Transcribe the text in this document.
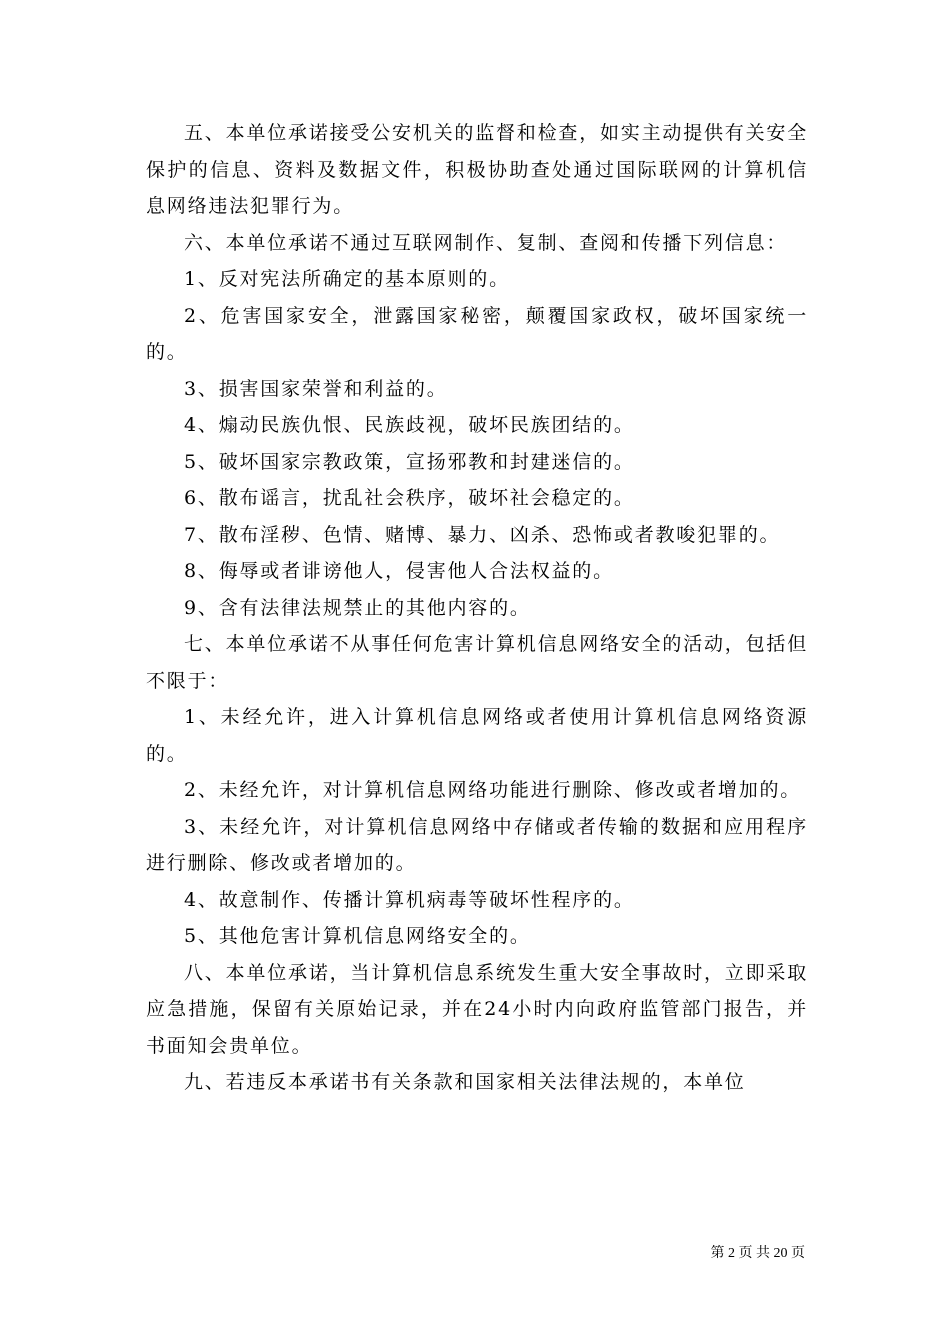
五、本单位承诺接受公安机关的监督和检查，如实主动提供有关安全保护的信息、资料及数据文件，积极协助查处通过国际联网的计算机信息网络违法犯罪行为。

六、本单位承诺不通过互联网制作、复制、查阅和传播下列信息：

1、反对宪法所确定的基本原则的。

2、危害国家安全，泄露国家秘密，颠覆国家政权，破坏国家统一的。

3、损害国家荣誉和利益的。

4、煽动民族仇恨、民族歧视，破坏民族团结的。

5、破坏国家宗教政策，宣扬邪教和封建迷信的。

6、散布谣言，扰乱社会秩序，破坏社会稳定的。

7、散布淫秽、色情、赌博、暴力、凶杀、恐怖或者教唆犯罪的。

8、侮辱或者诽谤他人，侵害他人合法权益的。

9、含有法律法规禁止的其他内容的。

七、本单位承诺不从事任何危害计算机信息网络安全的活动，包括但不限于：

1、未经允许，进入计算机信息网络或者使用计算机信息网络资源的。

2、未经允许，对计算机信息网络功能进行删除、修改或者增加的。

3、未经允许，对计算机信息网络中存储或者传输的数据和应用程序进行删除、修改或者增加的。

4、故意制作、传播计算机病毒等破坏性程序的。

5、其他危害计算机信息网络安全的。

八、本单位承诺，当计算机信息系统发生重大安全事故时，立即采取应急措施，保留有关原始记录，并在24小时内向政府监管部门报告，并书面知会贵单位。

九、若违反本承诺书有关条款和国家相关法律法规的，本单位

第 2 页 共 20 页
